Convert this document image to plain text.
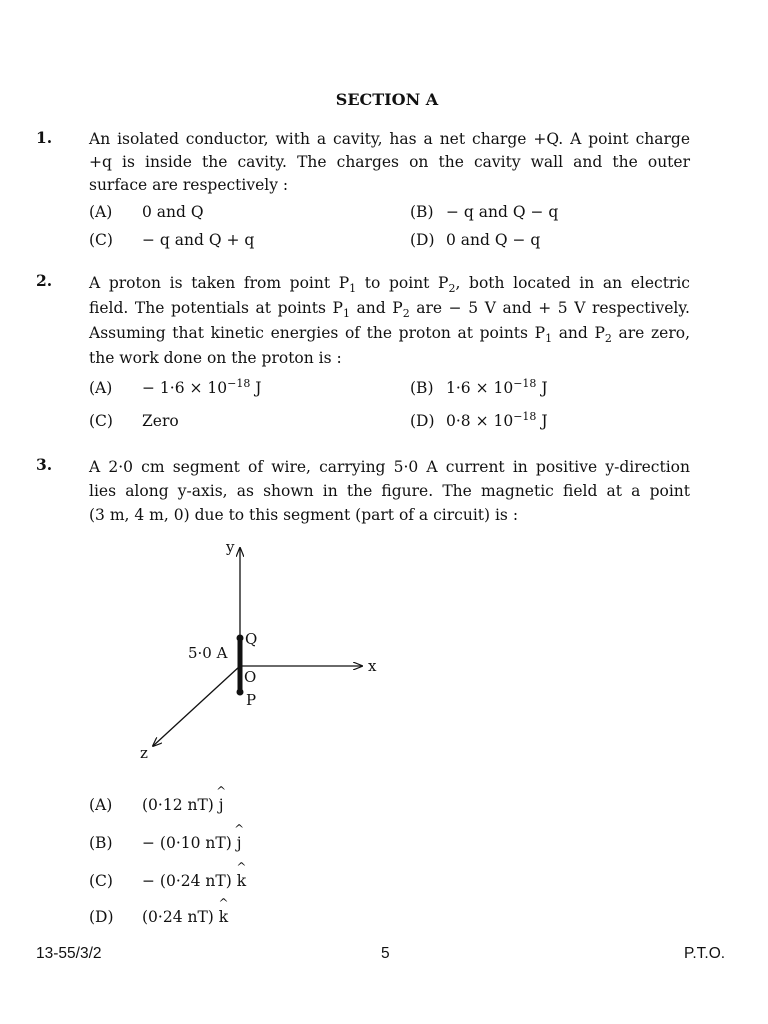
SECTION A
1. An isolated conductor, with a cavity, has a net charge +Q. A point charge
+q is inside the cavity. The charges on the cavity wall and the outer
surface are respectively :
(A) 0 and Q	(B) − q and Q − q
(C) − q and Q + q	(D) 0 and Q − q
2. A proton is taken from point $P_1$ to point $P_2$, both located in an electric
field. The potentials at points $P_1$ and $P_2$ are − 5 V and + 5 V respectively.
Assuming that kinetic energies of the proton at points $P_1$ and $P_2$ are zero,
the work done on the proton is :
$(A) - 1\cdot 6 \times 10^{-18}$ J	(B) $1\cdot 6 \times 10^{-18}$ J
(C) Zero	(D) $0\cdot 8 \times 10^{-18}$ J
3. A 2·0 cm segment of wire, carrying 5·0 A current in positive y-direction
lies along y-axis, as shown in the figure. The magnetic field at a point
(3 m, 4 m, 0) due to this segment (part of a circuit) is :
y
x
z
5·0 A
Q
O
P
(A) (0·12 nT) ^ j
(B) − (0·10 nT) ^ j
(C) − (0·24 nT) ^ k
(D) (0·24 nT) ^ k
13-55/3/2	5	P.T.O.
